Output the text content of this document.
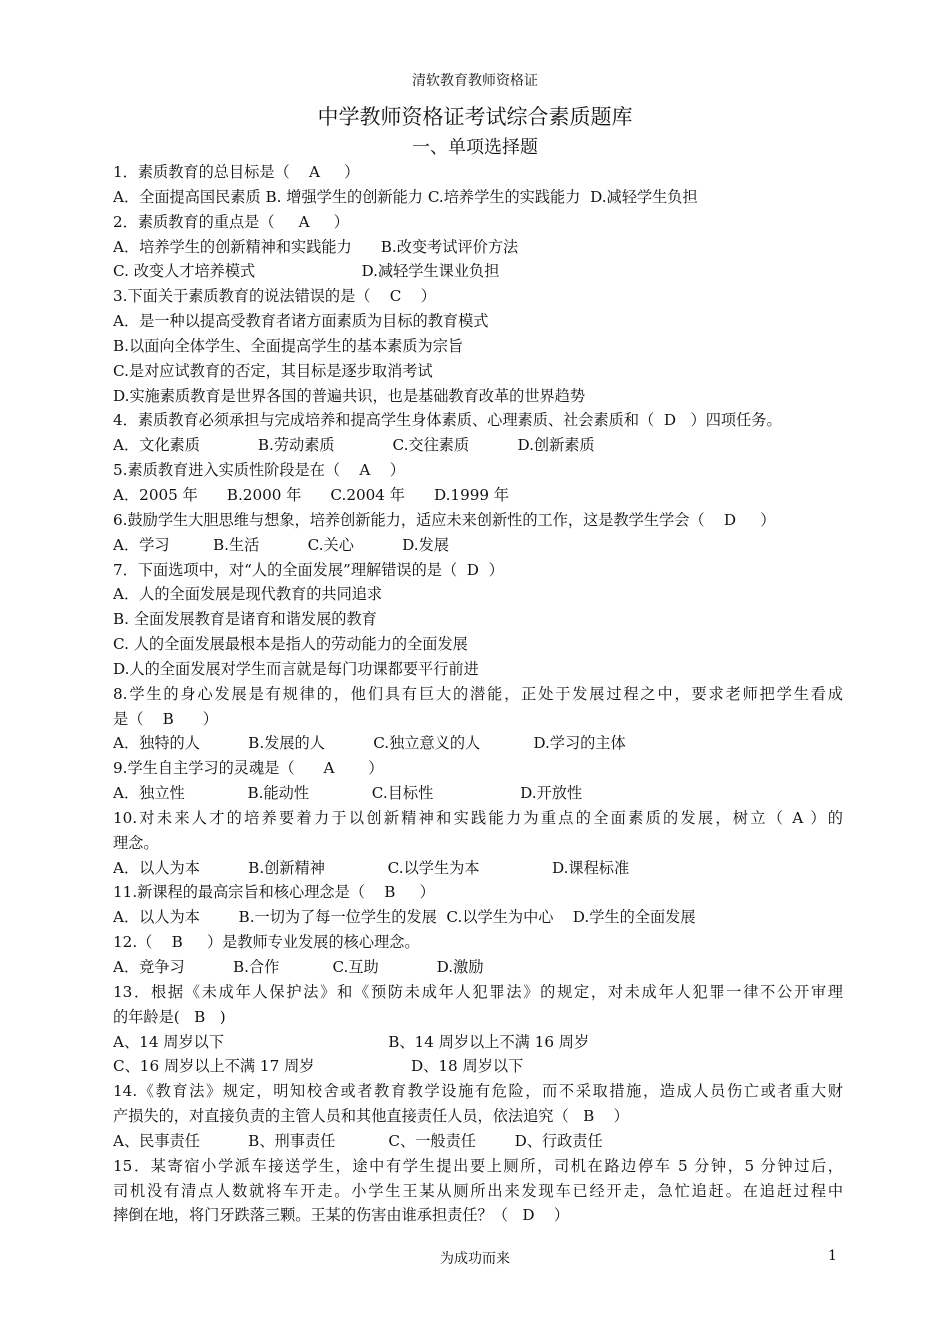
清软教育教师资格证
中学教师资格证考试综合素质题库
一、单项选择题
1．素质教育的总目标是（    A     ）
A．全面提高国民素质 B. 增强学生的创新能力 C.培养学生的实践能力  D.减轻学生负担
2．素质教育的重点是（     A     ）
A．培养学生的创新精神和实践能力      B.改变考试评价方法
C. 改变人才培养模式                      D.减轻学生课业负担
3.下面关于素质教育的说法错误的是（    C    ）
A．是一种以提高受教育者诸方面素质为目标的教育模式
B.以面向全体学生、全面提高学生的基本素质为宗旨
C.是对应试教育的否定，其目标是逐步取消考试
D.实施素质教育是世界各国的普遍共识，也是基础教育改革的世界趋势
4．素质教育必须承担与完成培养和提高学生身体素质、心理素质、社会素质和（  D   ）四项任务。
A．文化素质            B.劳动素质            C.交往素质          D.创新素质
5.素质教育进入实质性阶段是在（    A    ）
A．2005 年      B.2000 年      C.2004 年      D.1999 年
6.鼓励学生大胆思维与想象，培养创新能力，适应未来创新性的工作，这是教学生学会（    D     ）
A．学习         B.生活          C.关心          D.发展
7．下面选项中，对“人的全面发展”理解错误的是（  D  ）
A．人的全面发展是现代教育的共同追求
B. 全面发展教育是诸育和谐发展的教育
C. 人的全面发展最根本是指人的劳动能力的全面发展
D.人的全面发展对学生而言就是每门功课都要平行前进
8.学生的身心发展是有规律的，他们具有巨大的潜能，正处于发展过程之中，要求老师把学生看成
是（    B      ）
A．独特的人          B.发展的人          C.独立意义的人           D.学习的主体
9.学生自主学习的灵魂是（      A       ）
A．独立性             B.能动性             C.目标性                  D.开放性
10.对未来人才的培养要着力于以创新精神和实践能力为重点的全面素质的发展，树立（ A ）的
理念。
A．以人为本          B.创新精神             C.以学生为本               D.课程标准
11.新课程的最高宗旨和核心理念是（    B     ）
A．以人为本        B.一切为了每一位学生的发展  C.以学生为中心    D.学生的全面发展
12.（    B     ）是教师专业发展的核心理念。
A．竞争习          B.合作           C.互助            D.激励
13．根据《未成年人保护法》和《预防未成年人犯罪法》的规定，对未成年人犯罪一律不公开审理
的年龄是(   B   )
A、14 周岁以下                                  B、14 周岁以上不满 16 周岁
C、16 周岁以上不满 17 周岁                    D、18 周岁以下
14.《教育法》规定，明知校舍或者教育教学设施有危险，而不采取措施，造成人员伤亡或者重大财
产损失的，对直接负责的主管人员和其他直接责任人员，依法追究（   B    ）
A、民事责任          B、刑事责任           C、一般责任        D、行政责任
15．某寄宿小学派车接送学生，途中有学生提出要上厕所，司机在路边停车 5 分钟，5 分钟过后，
司机没有清点人数就将车开走。小学生王某从厕所出来发现车已经开走，急忙追赶。在追赶过程中
摔倒在地，将门牙跌落三颗。王某的伤害由谁承担责任？（   D    ）
为成功而来	1
